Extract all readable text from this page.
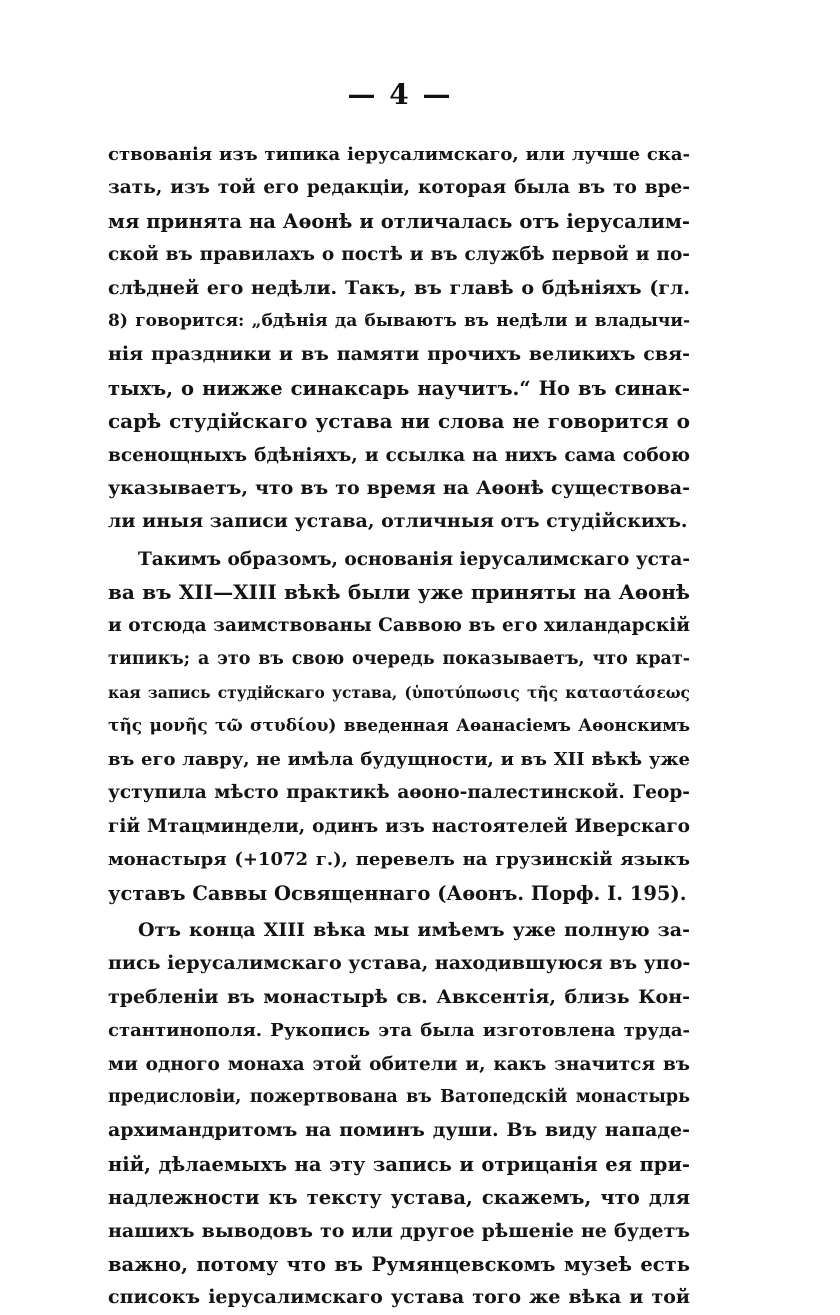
— 4 —
ствованія изъ типика іерусалимскаго, или лучше ска-
зать, изъ той его редакціи, которая была въ то вре-
мя принята на Аѳонѣ и отличалась отъ іерусалим-
ской въ правилахъ о постѣ и въ службѣ первой и по-
слѣдней его недѣли. Такъ, въ главѣ о бдѣніяхъ (гл.
8) говорится: „бдѣнія да бываютъ въ недѣли и владычи-
нія праздники и въ памяти прочихъ великихъ свя-
тыхъ, о нижже синаксарь научитъ.“ Но въ синак-
сарѣ студійскаго устава ни слова не говорится о
всенощныхъ бдѣніяхъ, и ссылка на нихъ сама собою
указываетъ, что въ то время на Аѳонѣ существова-
ли иныя записи устава, отличныя отъ студійскихъ.
Такимъ образомъ, основанія іерусалимскаго уста-
ва въ XII—XIII вѣкѣ были уже приняты на Аѳонѣ
и отсюда заимствованы Саввою въ его хиландарскій
типикъ; а это въ свою очередь показываетъ, что крат-
кая запись студійскаго устава, (ὑποτύπωσις τῆς καταστάσεως
τῆς μονῆς τῶ στυδίου) введенная Аѳанасіемъ Аѳонскимъ
въ его лавру, не имѣла будущности, и въ XII вѣкѣ уже
уступила мѣсто практикѣ аѳоно-палестинской. Геор-
гій Мтацминдели, одинъ изъ настоятелей Иверскаго
монастыря (+1072 г.), перевелъ на грузинскій языкъ
уставъ Саввы Освященнаго (Аѳонъ. Порф. I. 195).
Отъ конца XIII вѣка мы имѣемъ уже полную за-
пись іерусалимскаго устава, находившуюся въ упо-
требленіи въ монастырѣ св. Авксентія, близь Кон-
стантинополя. Рукопись эта была изготовлена труда-
ми одного монаха этой обители и, какъ значится въ
предисловіи, пожертвована въ Ватопедскій монастырь
архимандритомъ на поминъ души. Въ виду нападе-
ній, дѣлаемыхъ на эту запись и отрицанія ея при-
надлежности къ тексту устава, скажемъ, что для
нашихъ выводовъ то или другое рѣшеніе не будетъ
важно, потому что въ Румянцевскомъ музеѣ есть
списокъ іерусалимскаго устава того же вѣка и той
